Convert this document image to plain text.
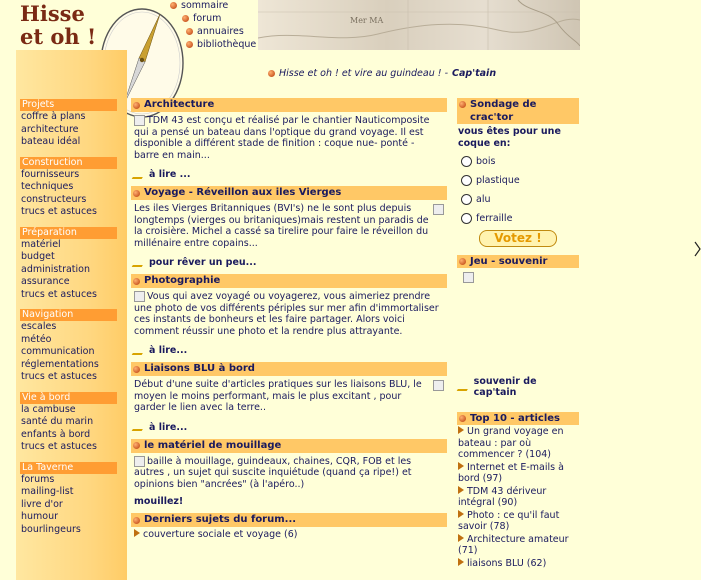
Hisse
et oh !
Mer MA
sommaire
forum
annuaires
bibliothèque
Hisse et oh ! et vire au guindeau ! - Cap'tain
Projets
coffre à plans
architecture
bateau idéal
Construction
fournisseurs
techniques
constructeurs
trucs et astuces
Préparation
matériel
budget
administration
assurance
trucs et astuces
Navigation
escales
météo
communication
réglementations
trucs et astuces
Vie à bord
la cambuse
santé du marin
enfants à bord
trucs et astuces
La Taverne
forums
mailing-list
livre d'or
humour
bourlingeurs
Architecture
TDM 43 est conçu et réalisé par le chantier Nauticomposite qui a pensé un bateau dans l'optique du grand voyage. Il est disponible a différent stade de finition : coque nue- ponté - barre en main...
à lire ...
Voyage - Réveillon aux iles Vierges
Les iles Vierges Britanniques (BVI's) ne le sont plus depuis longtemps (vierges ou britaniques)mais restent un paradis de la croisière. Michel a cassé sa tirelire pour faire le réveillon du millénaire entre copains...
pour rêver un peu...
Photographie
Vous qui avez voyagé ou voyagerez, vous aimeriez prendre une photo de vos différents périples sur mer afin d'immortaliser ces instants de bonheurs et les faire partager. Alors voici comment réussir une photo et la rendre plus attrayante.
à lire...
Liaisons BLU à bord
Début d'une suite d'articles pratiques sur les liaisons BLU, le moyen le moins performant, mais le plus excitant , pour garder le lien avec la terre..
à lire...
le matériel de mouillage
baille à mouillage, guindeaux, chaines, CQR, FOB et les autres , un sujet qui suscite inquiétude (quand ça ripe!) et opinions bien "ancrées" (à l'apéro..)
mouillez!
Derniers sujets du forum...
couverture sociale et voyage (6)
Sondage de crac'tor
vous êtes pour une coque en:
bois
plastique
alu
ferraille
Votez !
Jeu - souvenir
souvenir de cap'tain
Top 10 - articles
Un grand voyage en bateau : par où commencer ? (104)
Internet et E-mails à bord (97)
TDM 43 dériveur intégral (90)
Photo : ce qu'il faut savoir (78)
Architecture amateur (71)
liaisons BLU (62)
